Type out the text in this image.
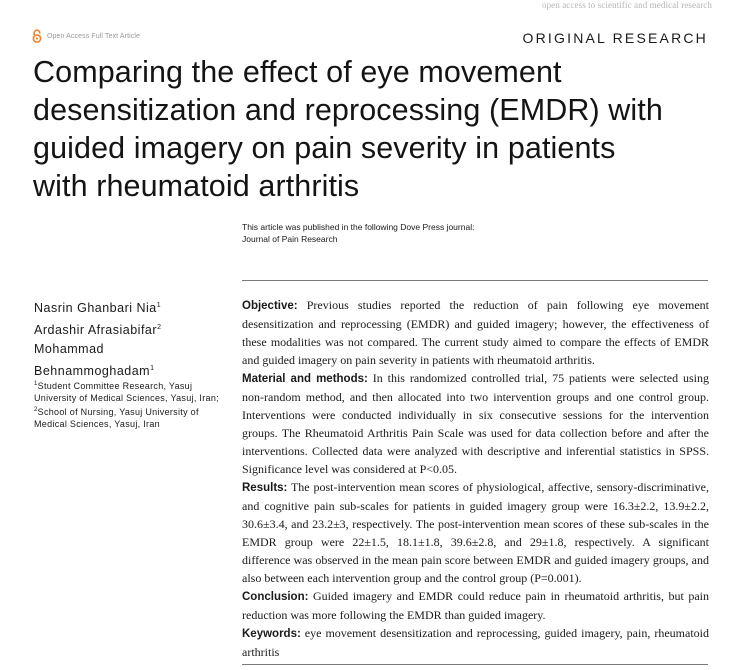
open access to scientific and medical research
Open Access Full Text Article	ORIGINAL RESEARCH
Comparing the effect of eye movement desensitization and reprocessing (EMDR) with guided imagery on pain severity in patients with rheumatoid arthritis
This article was published in the following Dove Press journal:
Journal of Pain Research
Nasrin Ghanbari Nia$^1$
Ardashir Afrasiabifar$^2$
Mohammad
Behnammoghadam$^1$
$^1$Student Committee Research, Yasuj University of Medical Sciences, Yasuj, Iran; $^2$School of Nursing, Yasuj University of Medical Sciences, Yasuj, Iran

Objective: Previous studies reported the reduction of pain following eye movement desensitization and reprocessing (EMDR) and guided imagery; however, the effectiveness of these modalities was not compared. The current study aimed to compare the effects of EMDR and guided imagery on pain severity in patients with rheumatoid arthritis.

Material and methods: In this randomized controlled trial, 75 patients were selected using non-random method, and then allocated into two intervention groups and one control group. Interventions were conducted individually in six consecutive sessions for the intervention groups. The Rheumatoid Arthritis Pain Scale was used for data collection before and after the interventions. Collected data were analyzed with descriptive and inferential statistics in SPSS. Significance level was considered at P<0.05.

Results: The post-intervention mean scores of physiological, affective, sensory-discriminative, and cognitive pain sub-scales for patients in guided imagery group were 16.3±2.2, 13.9±2.2, 30.6±3.4, and 23.2±3, respectively. The post-intervention mean scores of these sub-scales in the EMDR group were 22±1.5, 18.1±1.8, 39.6±2.8, and 29±1.8, respectively. A significant difference was observed in the mean pain score between EMDR and guided imagery groups, and also between each intervention group and the control group (P=0.001).

Conclusion: Guided imagery and EMDR could reduce pain in rheumatoid arthritis, but pain reduction was more following the EMDR than guided imagery.

Keywords: eye movement desensitization and reprocessing, guided imagery, pain, rheumatoid arthritis
